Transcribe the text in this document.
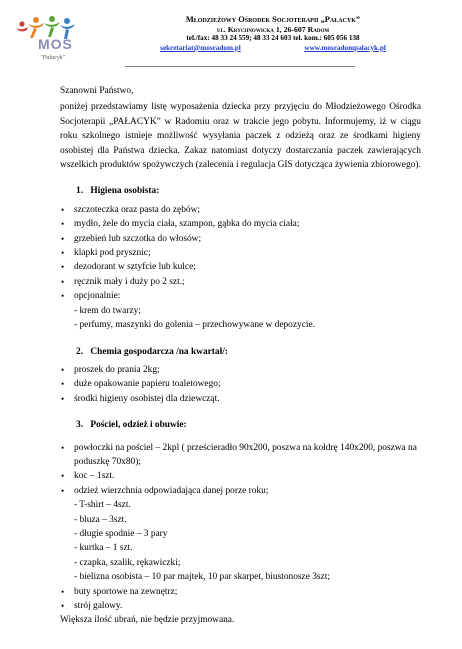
MOS
"Pałacyk"
Młodzieżowy Ośrodek Socjoterapii „Pałacyk”
ul. Krychnowicka 1, 26-607 Radom
tel./fax: 48 33 24 559; 48 33 24 603 tel. kom.: 605 056 138
sekretariat@mosradom.pl	www.mosradompalacyk.pl
Szanowni Państwo,
poniżej przedstawiamy listę wyposażenia dziecka przy przyjęciu do Młodzieżowego Ośrodka Socjoterapii „PAŁACYK” w Radomiu oraz w trakcie jego pobytu. Informujemy, iż w ciągu roku szkolnego istnieje możliwość wysyłania paczek z odzieżą oraz ze środkami higieny osobistej dla Państwa dziecka. Zakaz natomiast dotyczy dostarczania paczek zawierających wszelkich produktów spożywczych (zalecenia i regulacja GIS dotycząca żywienia zbiorowego).
1. Higiena osobista:
• szczoteczka oraz pasta do zębów;
• mydło, żele do mycia ciała, szampon, gąbka do mycia ciała;
• grzebień lub szczotka do włosów;
• klapki pod prysznic;
• dezodorant w sztyfcie lub kulce;
• ręcznik mały i duży po 2 szt.;
• opcjonalnie:
- krem do twarzy;
- perfumy, maszynki do golenia – przechowywane w depozycie.
2. Chemia gospodarcza /na kwartał/:
• proszek do prania 2kg;
• duże opakowanie papieru toaletowego;
• środki higieny osobistej dla dziewcząt.
3. Pościel, odzież i obuwie:
• powłoczki na pościel – 2kpl ( prześcieradło 90x200, poszwa na kołdrę 140x200, poszwa na poduszkę 70x80);
• koc – 1szt.
• odzież wierzchnia odpowiadająca danej porze roku;
- T-shirt – 4szt.
- bluza – 3szt.
- długie spodnie – 3 pary
- kurtka – 1 szt.
- czapka, szalik, rękawiczki;
- bielizna osobista – 10 par majtek, 10 par skarpet, biustonosze 3szt;
• buty sportowe na zewnętrz;
• strój galowy.
Większa ilość ubrań, nie będzie przyjmowana.
